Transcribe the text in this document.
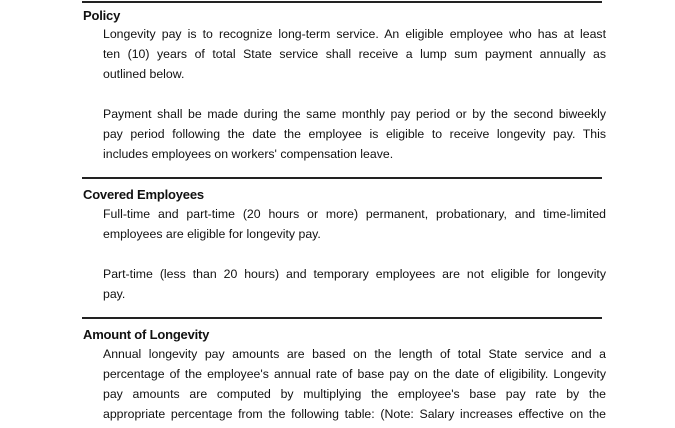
Policy
Longevity pay is to recognize long-term service. An eligible employee who has at least
ten (10) years of total State service shall receive a lump sum payment annually as
outlined below.
Payment shall be made during the same monthly pay period or by the second biweekly
pay period following the date the employee is eligible to receive longevity pay. This
includes employees on workers' compensation leave.
Covered Employees
Full-time and part-time (20 hours or more) permanent, probationary, and time-limited
employees are eligible for longevity pay.
Part-time (less than 20 hours) and temporary employees are not eligible for longevity
pay.
Amount of Longevity
Annual longevity pay amounts are based on the length of total State service and a
percentage of the employee's annual rate of base pay on the date of eligibility. Longevity
pay amounts are computed by multiplying the employee's base pay rate by the
appropriate percentage from the following table: (Note: Salary increases effective on the
